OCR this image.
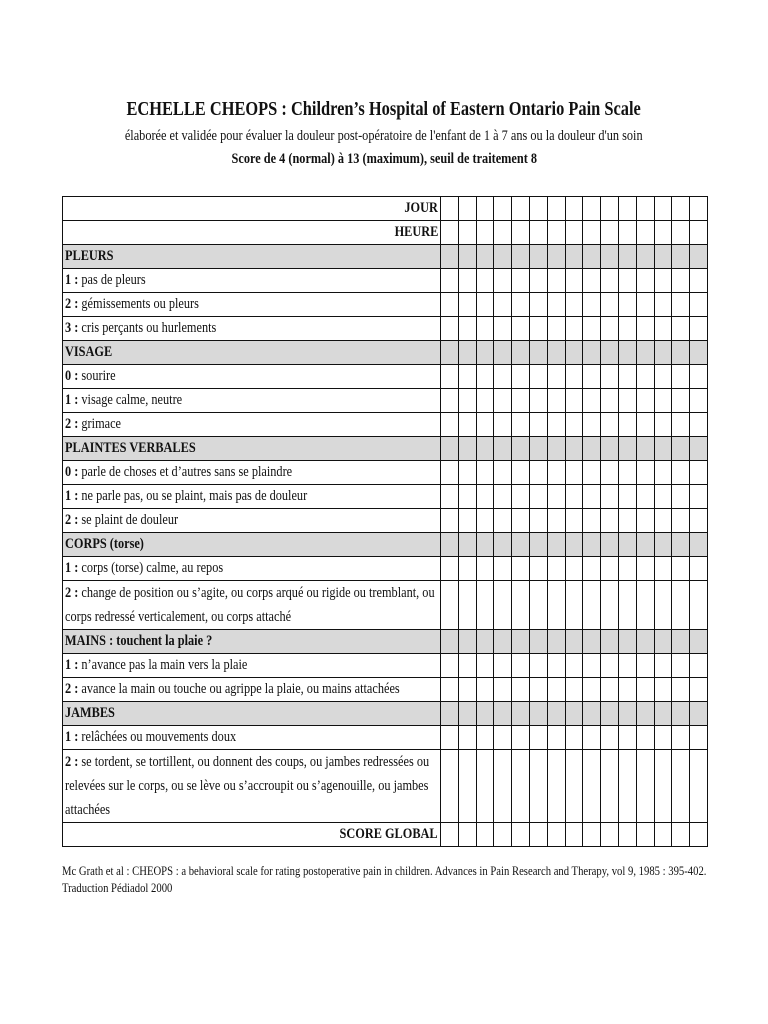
ECHELLE CHEOPS : Children’s Hospital of Eastern Ontario Pain Scale
élaborée et validée pour évaluer la douleur post-opératoire de l'enfant de 1 à 7 ans ou la douleur d'un soin
Score de 4 (normal) à 13 (maximum), seuil de traitement 8
JOUR															
HEURE															
PLEURS															
1 : pas de pleurs															
2 : gémissements ou pleurs															
3 : cris perçants ou hurlements															
VISAGE															
0 : sourire															
1 : visage calme, neutre															
2 : grimace															
PLAINTES VERBALES															
0 : parle de choses et d’autres sans se plaindre															
1 : ne parle pas, ou se plaint, mais pas de douleur															
2 : se plaint de douleur															
CORPS (torse)															
1 : corps (torse) calme, au repos															

2 : change de position ou s’agite, ou corps arqué ou rigide ou tremblant, ou corps redressé verticalement, ou corps attaché															

MAINS : touchent la plaie ?															
1 : n’avance pas la main vers la plaie															
2 : avance la main ou touche ou agrippe la plaie, ou mains attachées															
JAMBES															
1 : relâchées ou mouvements doux															

2 : se tordent, se tortillent, ou donnent des coups, ou jambes redressées ou relevées sur le corps, ou se lève ou s’accroupit ou s’agenouille, ou jambes attachées															

SCORE GLOBAL															
Mc Grath et al : CHEOPS : a behavioral scale for rating postoperative pain in children. Advances in Pain Research and Therapy, vol 9, 1985 : 395-402.
Traduction Pédiadol 2000
